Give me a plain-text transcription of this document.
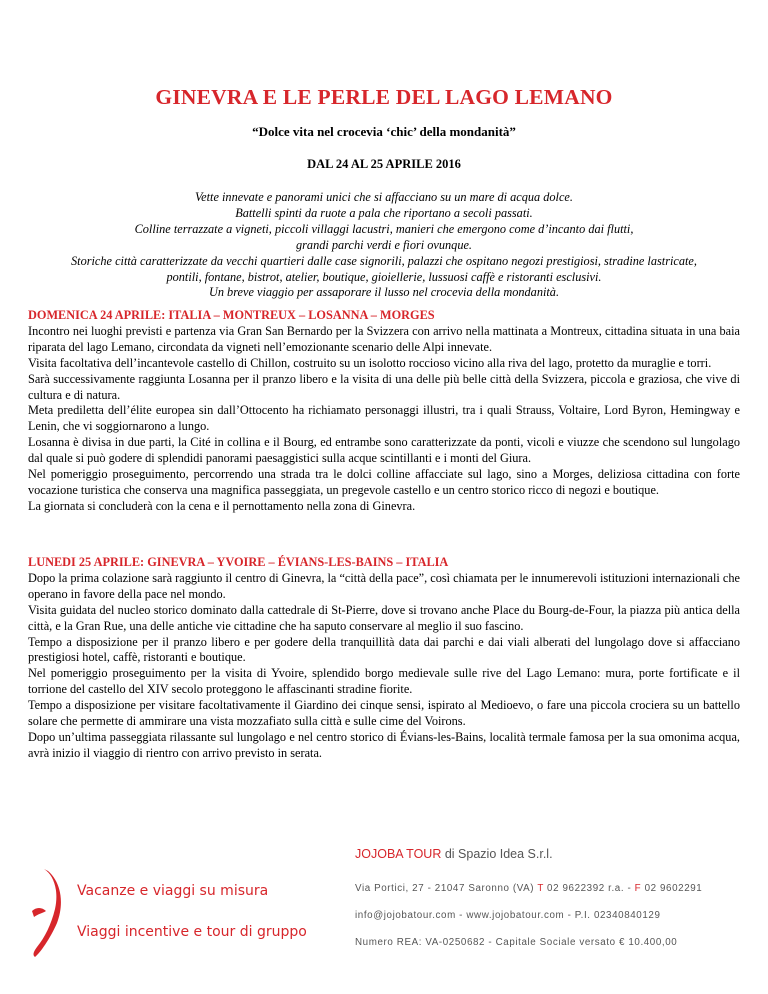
GINEVRA E LE PERLE DEL LAGO LEMANO
“Dolce vita nel crocevia ‘chic’ della mondanità”
DAL 24 AL 25 APRILE 2016
Vette innevate e panorami unici che si affacciano su un mare di acqua dolce.
Battelli spinti da ruote a pala che riportano a secoli passati.
Colline terrazzate a vigneti, piccoli villaggi lacustri, manieri che emergono come d’incanto dai flutti,
grandi parchi verdi e fiori ovunque.
Storiche città caratterizzate da vecchi quartieri dalle case signorili, palazzi che ospitano negozi prestigiosi, stradine lastricate,
pontili, fontane, bistrot, atelier, boutique, gioiellerie, lussuosi caffè e ristoranti esclusivi.
Un breve viaggio per assaporare il lusso nel crocevia della mondanità.
DOMENICA 24 APRILE: ITALIA – MONTREUX – LOSANNA – MORGES

Incontro nei luoghi previsti e partenza via Gran San Bernardo per la Svizzera con arrivo nella mattinata a Montreux, cittadina situata in una baia riparata del lago Lemano, circondata da vigneti nell’emozionante scenario delle Alpi innevate.

Visita facoltativa dell’incantevole castello di Chillon, costruito su un isolotto roccioso vicino alla riva del lago, protetto da muraglie e torri.

Sarà successivamente raggiunta Losanna per il pranzo libero e la visita di una delle più belle città della Svizzera, piccola e graziosa, che vive di cultura e di natura.

Meta prediletta dell’élite europea sin dall’Ottocento ha richiamato personaggi illustri, tra i quali Strauss, Voltaire, Lord Byron, Hemingway e Lenin, che vi soggiornarono a lungo.

Losanna è divisa in due parti, la Cité in collina e il Bourg, ed entrambe sono caratterizzate da ponti, vicoli e viuzze che scendono sul lungolago dal quale si può godere di splendidi panorami paesaggistici sulla acque scintillanti e i monti del Giura.

Nel pomeriggio proseguimento, percorrendo una strada tra le dolci colline affacciate sul lago, sino a Morges, deliziosa cittadina con forte vocazione turistica che conserva una magnifica passeggiata, un pregevole castello e un centro storico ricco di negozi e boutique.

La giornata si concluderà con la cena e il pernottamento nella zona di Ginevra.

LUNEDI 25 APRILE: GINEVRA – YVOIRE – ÉVIANS-LES-BAINS – ITALIA

Dopo la prima colazione sarà raggiunto il centro di Ginevra, la “città della pace”, così chiamata per le innumerevoli istituzioni internazionali che operano in favore della pace nel mondo.

Visita guidata del nucleo storico dominato dalla cattedrale di St-Pierre, dove si trovano anche Place du Bourg-de-Four, la piazza più antica della città, e la Gran Rue, una delle antiche vie cittadine che ha saputo conservare al meglio il suo fascino.

Tempo a disposizione per il pranzo libero e per godere della tranquillità data dai parchi e dai viali alberati del lungolago dove si affacciano prestigiosi hotel, caffè, ristoranti e boutique.

Nel pomeriggio proseguimento per la visita di Yvoire, splendido borgo medievale sulle rive del Lago Lemano: mura, porte fortificate e il torrione del castello del XIV secolo proteggono le affascinanti stradine fiorite.

Tempo a disposizione per visitare facoltativamente il Giardino dei cinque sensi, ispirato al Medioevo, o fare una piccola crociera su un battello solare che permette di ammirare una vista mozzafiato sulla città e sulle cime del Voirons.

Dopo un’ultima passeggiata rilassante sul lungolago e nel centro storico di Évians-les-Bains, località termale famosa per la sua omonima acqua, avrà inizio il viaggio di rientro con arrivo previsto in serata.

Vacanze e viaggi su misura
Viaggi incentive e tour di gruppo
JOJOBA TOUR di Spazio Idea S.r.l.
Via Portici, 27 - 21047 Saronno (VA) T 02 9622392 r.a. - F 02 9602291
info@jojobatour.com - www.jojobatour.com - P.I. 02340840129
Numero REA: VA-0250682 - Capitale Sociale versato € 10.400,00
